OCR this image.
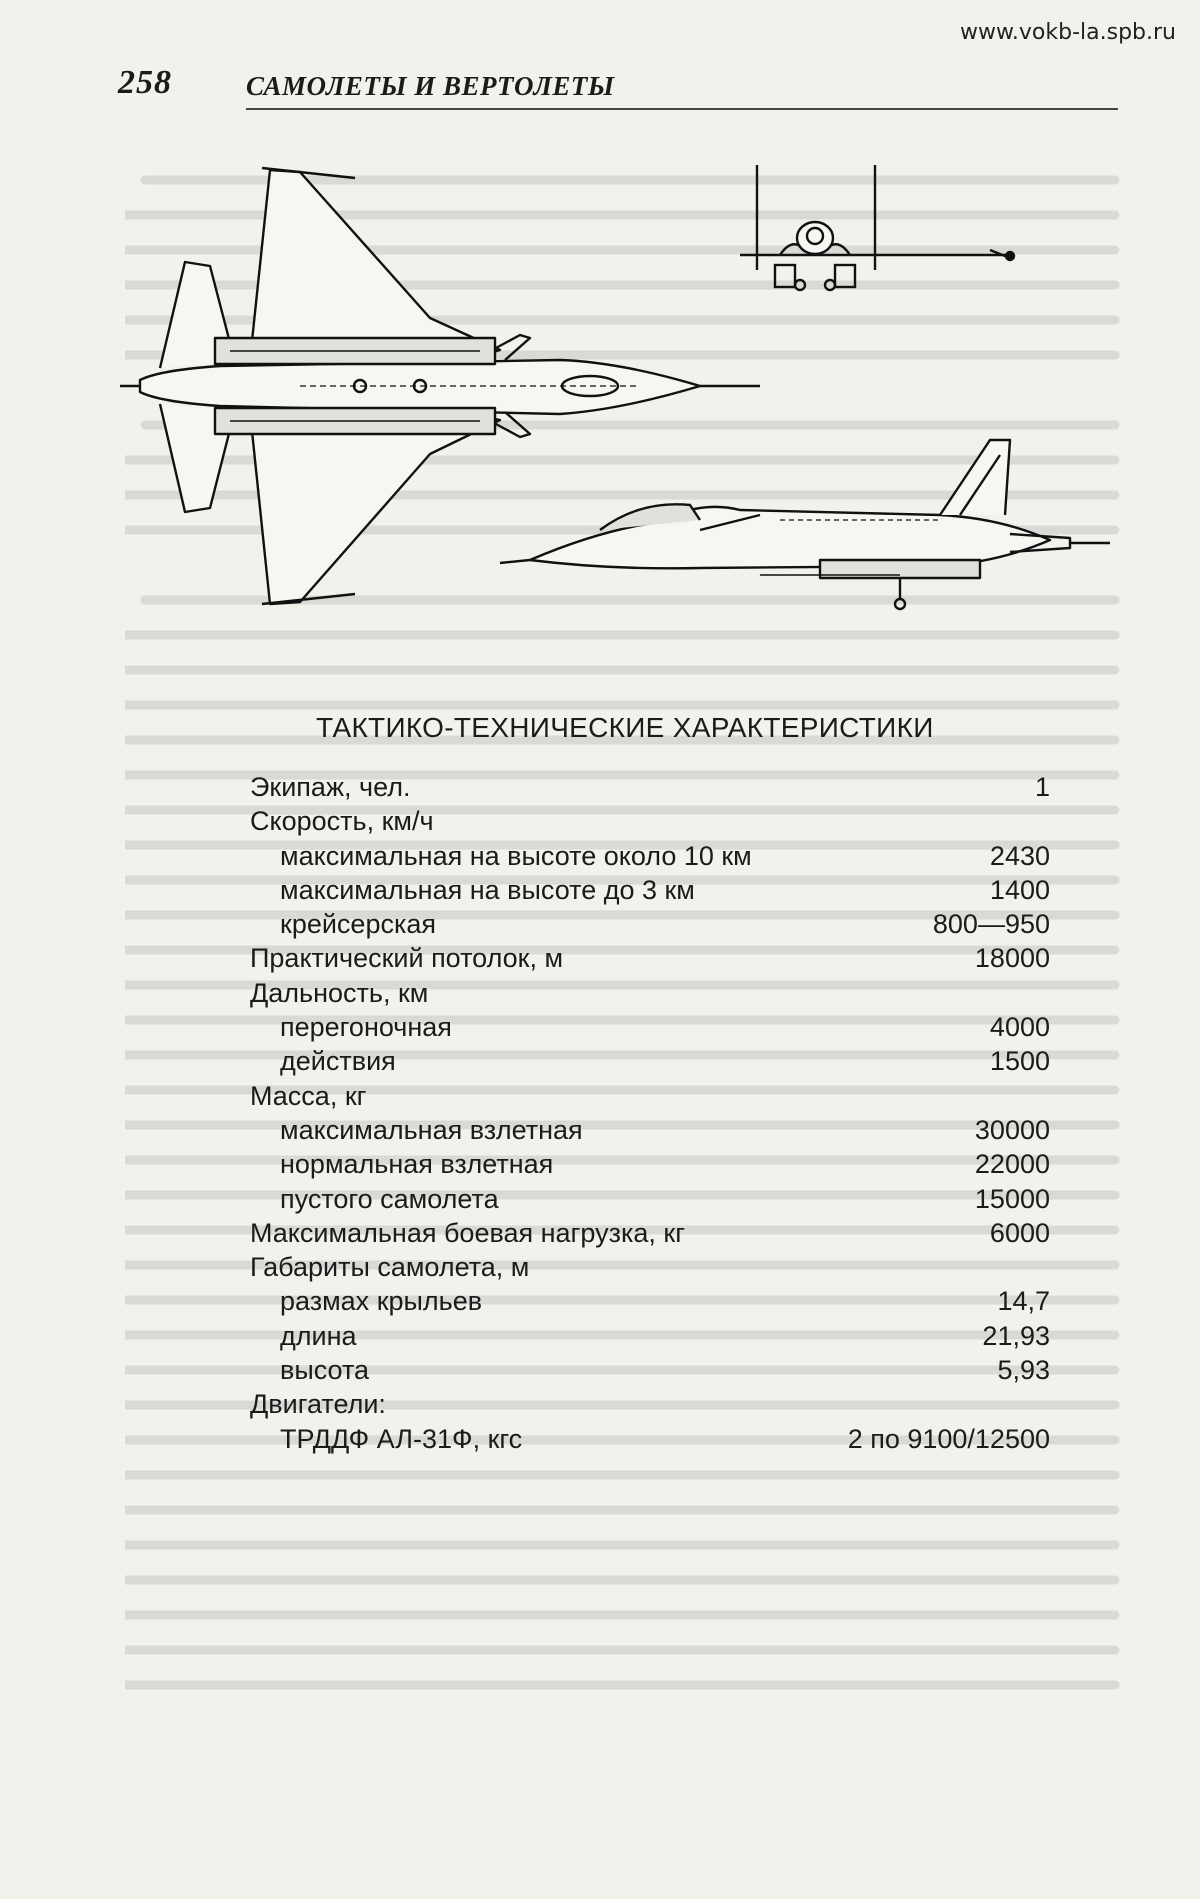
www.vokb-la.spb.ru
258	САМОЛЕТЫ И ВЕРТОЛЕТЫ
ТАКТИКО-ТЕХНИЧЕСКИЕ ХАРАКТЕРИСТИКИ
Экипаж, чел.	1
Скорость, км/ч
максимальная на высоте около 10 км	2430
максимальная на высоте до 3 км	1400
крейсерская	800—950
Практический потолок, м	18000
Дальность, км
перегоночная	4000
действия	1500
Масса, кг
максимальная взлетная	30000
нормальная взлетная	22000
пустого самолета	15000
Максимальная боевая нагрузка, кг	6000
Габариты самолета, м
размах крыльев	14,7
длина	21,93
высота	5,93
Двигатели:
ТРДДФ АЛ-31Ф, кгс	2 по 9100/12500
